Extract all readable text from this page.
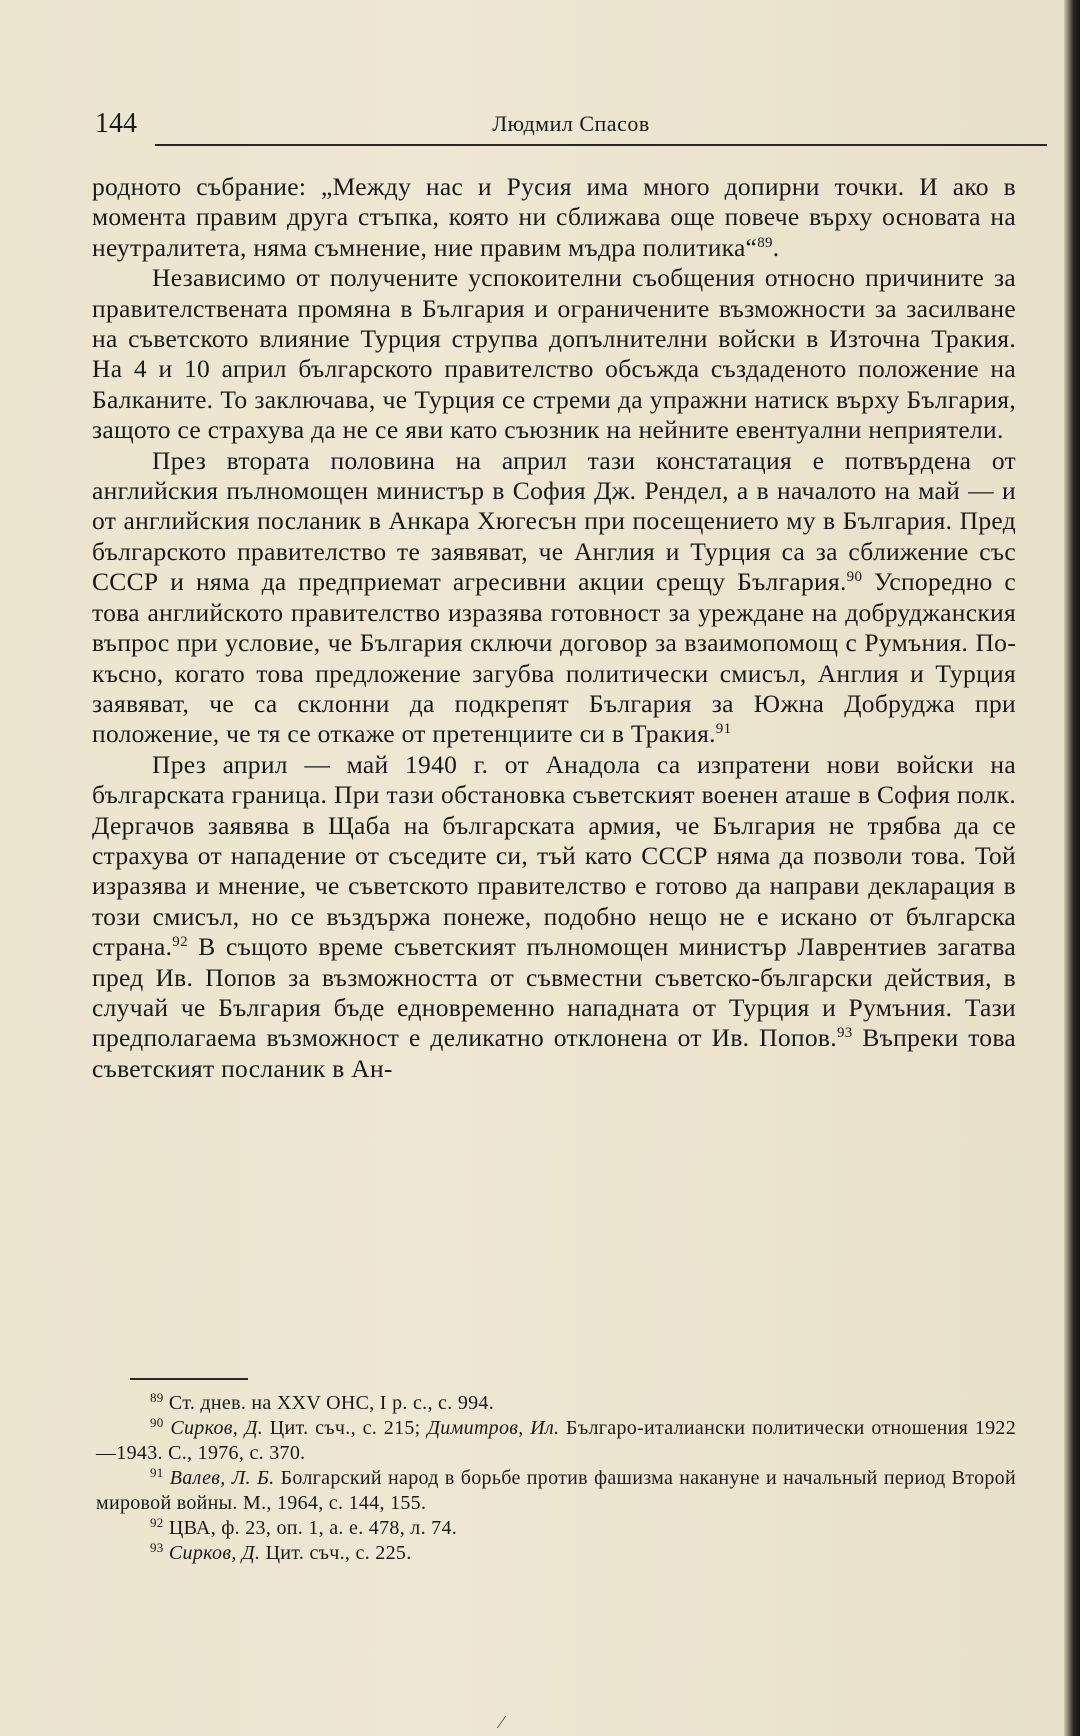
144	Людмил Спасов

родното събрание: „Между нас и Русия има много допирни точки. И ако в момента правим друга стъпка, която ни сближава още повече върху основата на неутралитета, няма съмнение, ние правим мъдра политика“$^{89}$.

Независимо от получените успокоителни съобщения относно причините за правителствената промяна в България и ограничените възможности за засилване на съветското влияние Турция струпва допълнителни войски в Източна Тракия. На 4 и 10 април българското правителство обсъжда създаденото положение на Балканите. То заключава, че Турция се стреми да упражни натиск върху България, защото се страхува да не се яви като съюзник на нейните евентуални неприятели.

През втората половина на април тази констатация е потвърдена от английския пълномощен министър в София Дж. Рендел, а в началото на май — и от английския посланик в Анкара Хюгесън при посещението му в България. Пред българското правителство те заявяват, че Англия и Турция са за сближение със СССР и няма да предприемат агресивни акции срещу България.$^{90}$ Успоредно с това английското правителство изразява готовност за уреждане на добруджанския въпрос при условие, че България сключи договор за взаимопомощ с Румъния. По-късно, когато това предложение загубва политически смисъл, Англия и Турция заявяват, че са склонни да подкрепят България за Южна Добруджа при положение, че тя се откаже от претенциите си в Тракия.$^{91}$

През април — май 1940 г. от Анадола са изпратени нови войски на българската граница. При тази обстановка съветският военен аташе в София полк. Дергачов заявява в Щаба на българската армия, че България не трябва да се страхува от нападение от съседите си, тъй като СССР няма да позволи това. Той изразява и мнение, че съветското правителство е готово да направи декларация в този смисъл, но се въздържа понеже, подобно нещо не е искано от българска страна.$^{92}$ В същото време съветският пълномощен министър Лаврентиев загатва пред Ив. Попов за възможността от съвместни съветско-български действия, в случай че България бъде едновременно нападната от Турция и Румъния. Тази предполагаема възможност е деликатно отклонена от Ив. Попов.$^{93}$ Въпреки това съветският посланик в Ан-

$^{89}$ Ст. днев. на XXV ОНС, I р. с., с. 994.

$^{90}$ Сирков, Д. Цит. съч., с. 215; Димитров, Ил. Българо-италиански политически отношения 1922—1943. С., 1976, с. 370.

$^{91}$ Валев, Л. Б. Болгарский народ в борьбе против фашизма накануне и начальный период Второй мировой войны. М., 1964, с. 144, 155.

$^{92}$ ЦВА, ф. 23, оп. 1, а. е. 478, л. 74.

$^{93}$ Сирков, Д. Цит. съч., с. 225.

⁄
